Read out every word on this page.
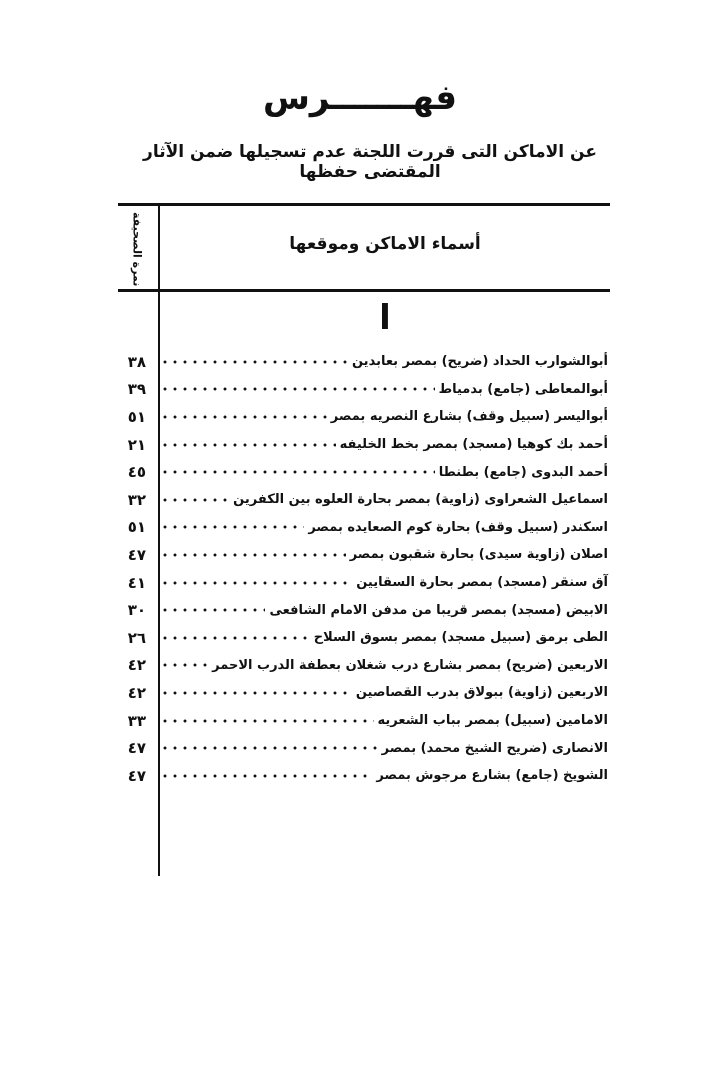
فهـــــــرس
عن الاماكن التى قررت اللجنة عدم تسجيلها ضمن الآثار المقتضى حفظها
نمرة الصحيفة	أسماء الاماكن وموقعها
ا
٣٨	أبوالشوارب الحداد (ضريح) بمصر بعابدين
٣٩	أبوالمعاطى (جامع) بدمياط
٥١	أبواليسر (سبيل وقف) بشارع النصريه بمصر
٢١	أحمد بك كوهيا (مسجد) بمصر بخط الخليفه
٤٥	أحمد البدوى (جامع) بطنطا
٣٢	اسماعيل الشعراوى (زاوية) بمصر بحارة العلوه بين الكفرين
٥١	اسكندر (سبيل وقف) بحارة كوم الصعايده بمصر
٤٧	اصلان (زاوية سيدى) بحارة شقبون بمصر
٤١	آق سنقر (مسجد) بمصر بحارة السقايين
٣٠	الابيض (مسجد) بمصر قريبا من مدفن الامام الشافعى
٢٦	الطى برمق (سبيل مسجد) بمصر بسوق السلاح
٤٢	الاربعين (ضريح) بمصر بشارع درب شغلان بعطفة الدرب الاحمر
٤٢	الاربعين (زاوية) ببولاق بدرب القصاصين
٣٣	الامامين (سبيل) بمصر بباب الشعريه
٤٧	الانصارى (ضريح الشيخ محمد) بمصر
٤٧	الشويخ (جامع) بشارع مرجوش بمصر
